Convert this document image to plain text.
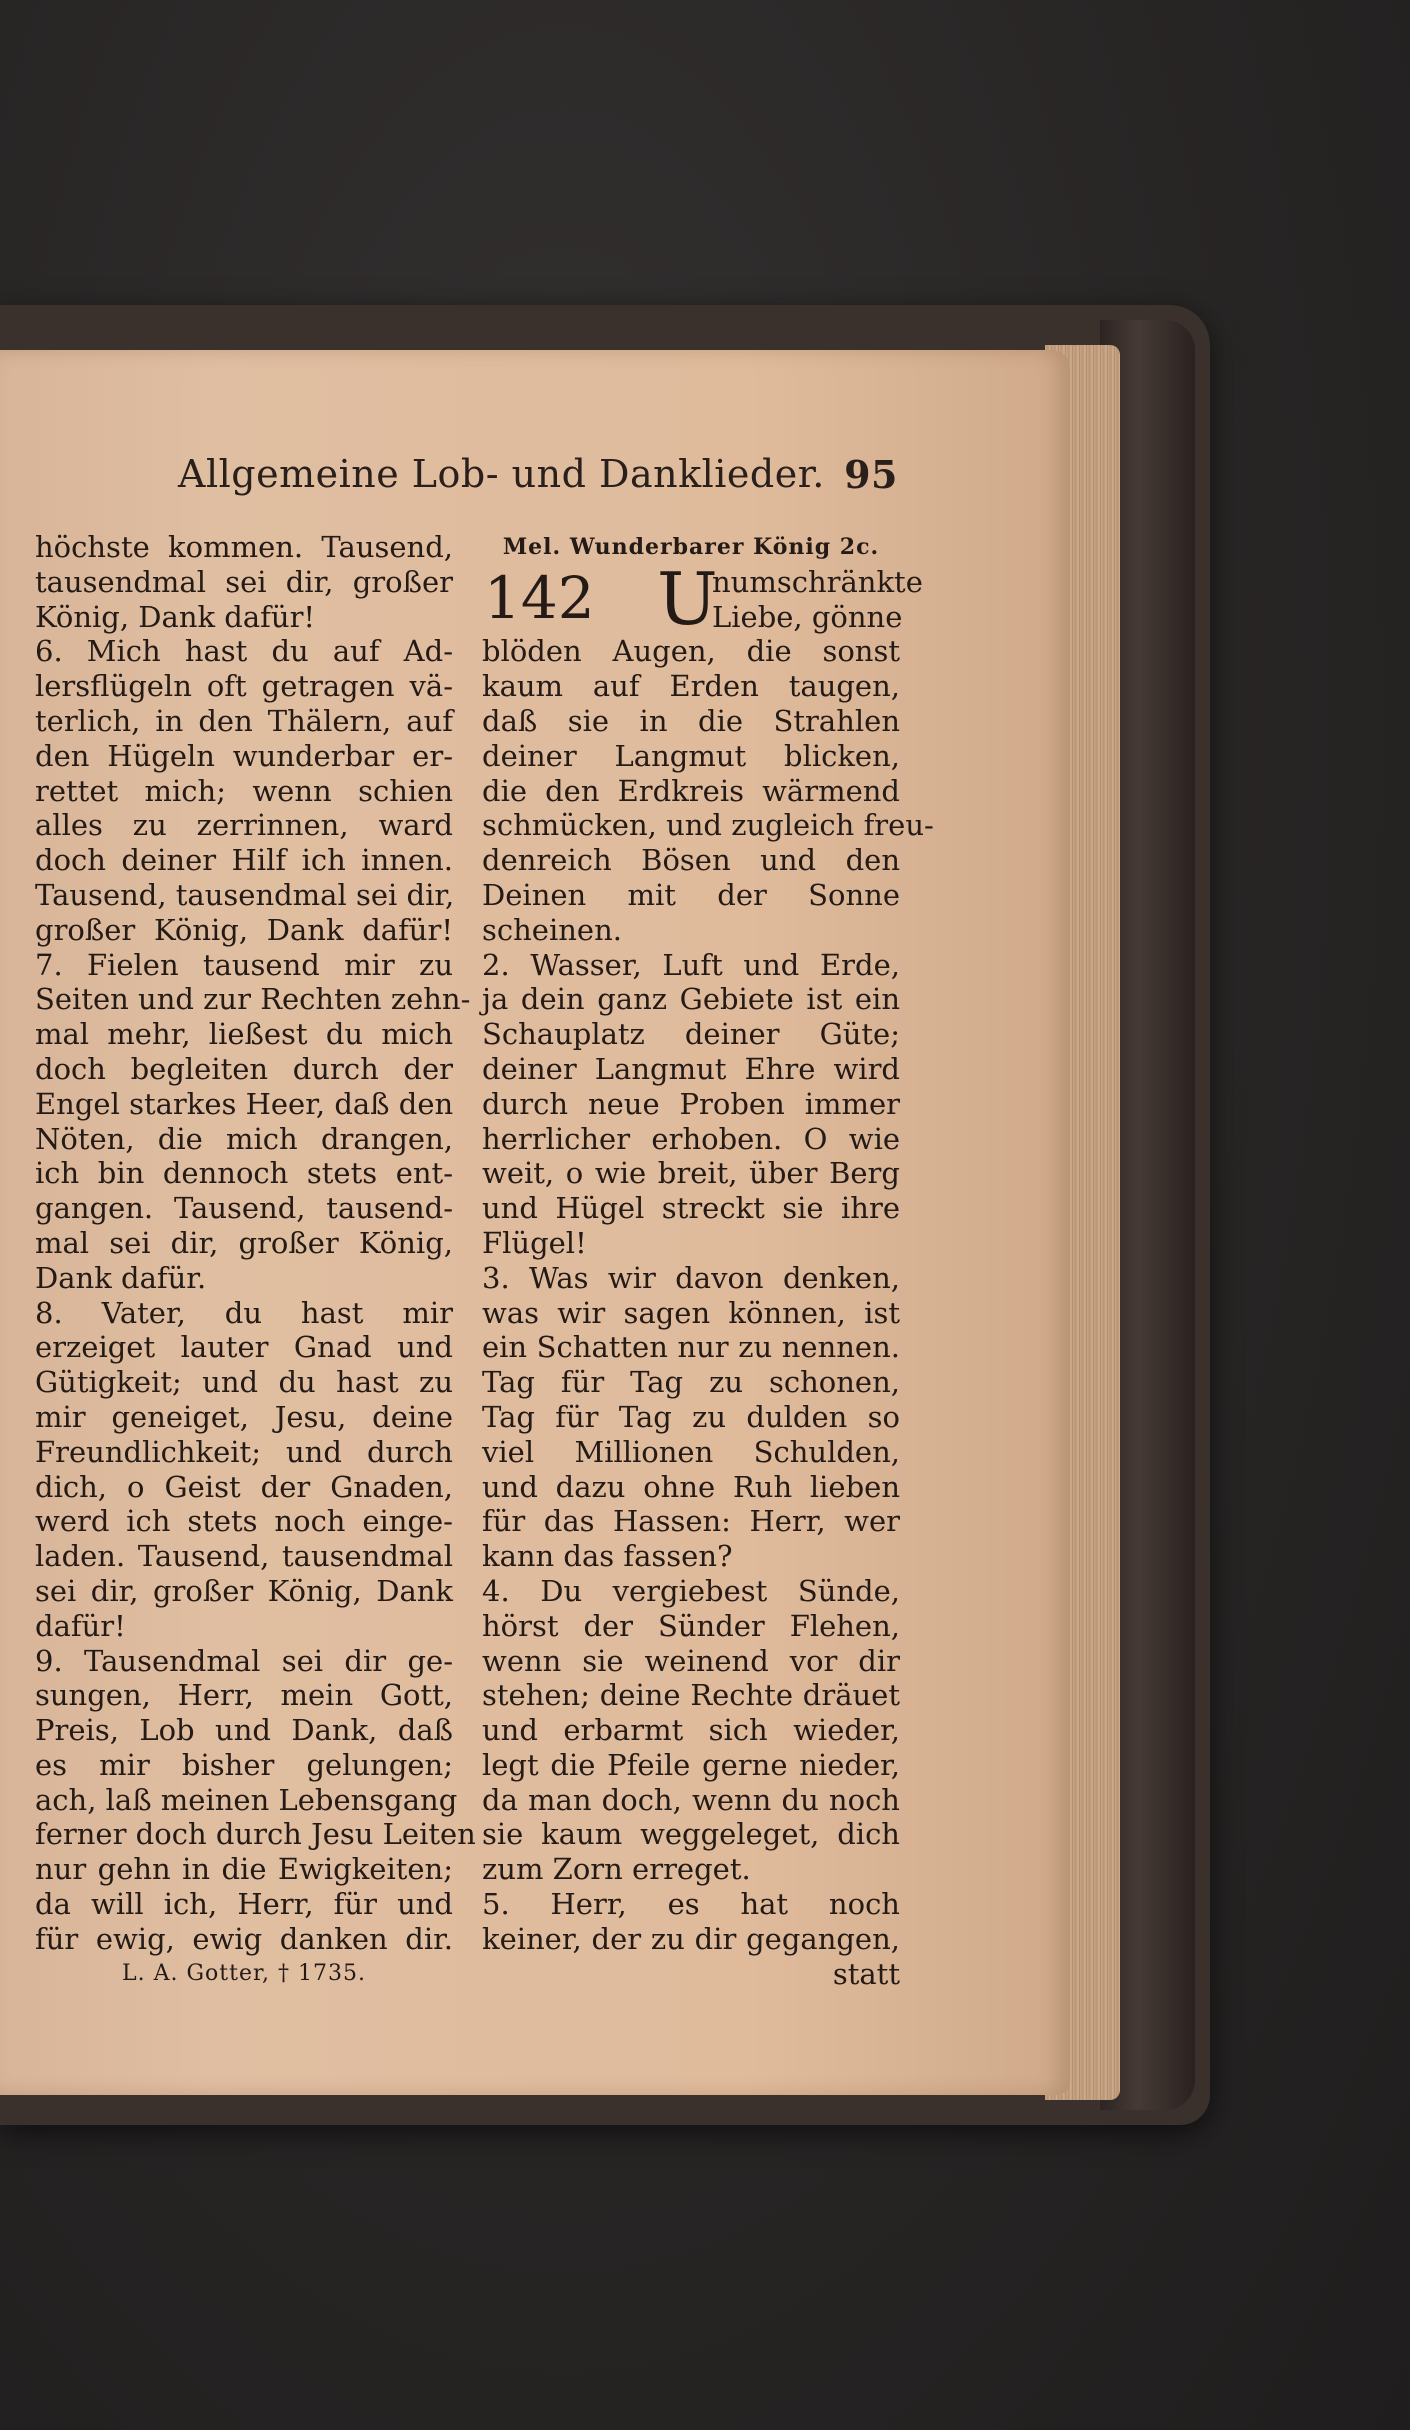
Allgemeine Lob- und Danklieder. 95
höchste kommen. Tausend,
tausendmal sei dir, großer
König, Dank dafür!
6. Mich hast du auf Ad-
lersflügeln oft getragen vä-
terlich, in den Thälern, auf
den Hügeln wunderbar er-
rettet mich; wenn schien
alles zu zerrinnen, ward
doch deiner Hilf ich innen.
Tausend, tausendmal sei dir,
großer König, Dank dafür!
7. Fielen tausend mir zu
Seiten und zur Rechten zehn-
mal mehr, ließest du mich
doch begleiten durch der
Engel starkes Heer, daß den
Nöten, die mich drangen,
ich bin dennoch stets ent-
gangen. Tausend, tausend-
mal sei dir, großer König,
Dank dafür.
8. Vater, du hast mir
erzeiget lauter Gnad und
Gütigkeit; und du hast zu
mir geneiget, Jesu, deine
Freundlichkeit; und durch
dich, o Geist der Gnaden,
werd ich stets noch einge-
laden. Tausend, tausendmal
sei dir, großer König, Dank
dafür!
9. Tausendmal sei dir ge-
sungen, Herr, mein Gott,
Preis, Lob und Dank, daß
es mir bisher gelungen;
ach, laß meinen Lebensgang
ferner doch durch Jesu Leiten
nur gehn in die Ewigkeiten;
da will ich, Herr, für und
für ewig, ewig danken dir.
L. A. Gotter, † 1735.
Mel. Wunderbarer König 2c.
142 U
numschränkte
Liebe, gönne
blöden Augen, die sonst
kaum auf Erden taugen,
daß sie in die Strahlen
deiner Langmut blicken,
die den Erdkreis wärmend
schmücken, und zugleich freu-
denreich Bösen und den
Deinen mit der Sonne
scheinen.
2. Wasser, Luft und Erde,
ja dein ganz Gebiete ist ein
Schauplatz deiner Güte;
deiner Langmut Ehre wird
durch neue Proben immer
herrlicher erhoben. O wie
weit, o wie breit, über Berg
und Hügel streckt sie ihre
Flügel!
3. Was wir davon denken,
was wir sagen können, ist
ein Schatten nur zu nennen.
Tag für Tag zu schonen,
Tag für Tag zu dulden so
viel Millionen Schulden,
und dazu ohne Ruh lieben
für das Hassen: Herr, wer
kann das fassen?
4. Du vergiebest Sünde,
hörst der Sünder Flehen,
wenn sie weinend vor dir
stehen; deine Rechte dräuet
und erbarmt sich wieder,
legt die Pfeile gerne nieder,
da man doch, wenn du noch
sie kaum weggeleget, dich
zum Zorn erreget.
5. Herr, es hat noch
keiner, der zu dir gegangen,
statt
